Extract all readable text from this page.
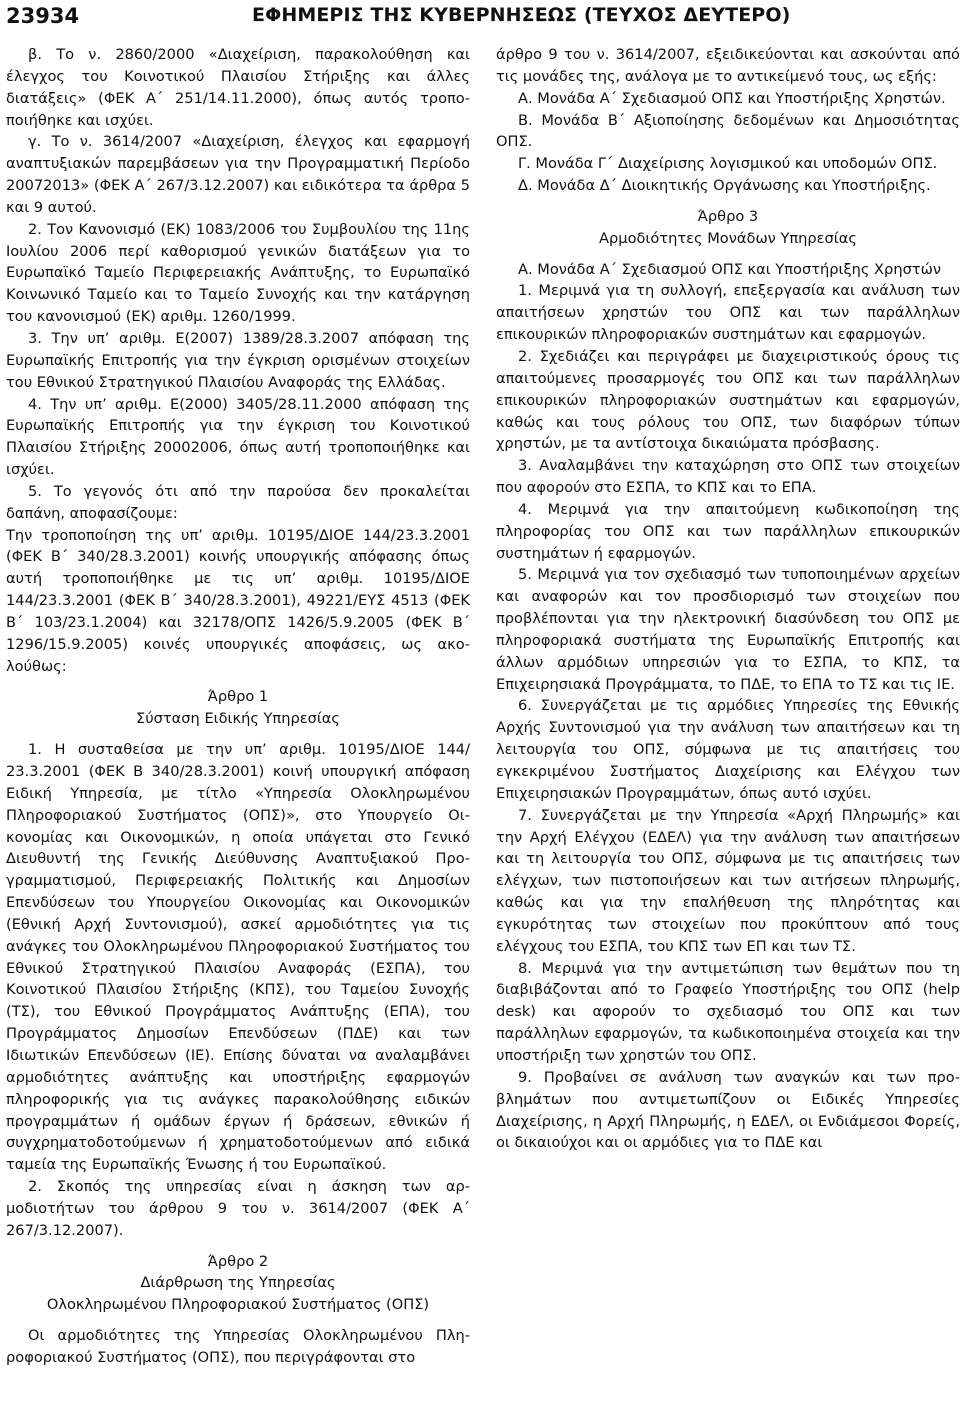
23934	ΕΦΗΜΕΡΙΣ ΤΗΣ ΚΥΒΕΡΝΗΣΕΩΣ (ΤΕΥΧΟΣ ΔΕΥΤΕΡΟ)

β. Το ν. 2860/2000 «Διαχείριση, παρακολούθηση και έλεγχος του Κοινοτικού Πλαισίου Στήριξης και άλλες διατάξεις» (ΦΕΚ Α΄ 251/14.11.2000), όπως αυτός τροποποιήθηκε και ισχύει.

γ. Το ν. 3614/2007 «Διαχείριση, έλεγχος και εφαρμογή αναπτυξιακών παρεμβάσεων για την Προγραμματική Περίοδο 20072013» (ΦΕΚ Α΄ 267/3.12.2007) και ειδικότερα τα άρθρα 5 και 9 αυτού.

2. Τον Κανονισμό (ΕΚ) 1083/2006 του Συμβουλίου της 11ης Ιουλίου 2006 περί καθορισμού γενικών διατάξεων για το Ευρωπαϊκό Ταμείο Περιφερειακής Ανάπτυξης, το Ευρωπαϊκό Κοινωνικό Ταμείο και το Ταμείο Συνοχής και την κατάργηση του κανονισμού (ΕΚ) αριθμ. 1260/1999.

3. Την υπ’ αριθμ. Ε(2007) 1389/28.3.2007 απόφαση της Ευρωπαϊκής Επιτροπής για την έγκριση ορισμένων στοιχείων του Εθνικού Στρατηγικού Πλαισίου Αναφοράς της Ελλάδας.

4. Την υπ’ αριθμ. Ε(2000) 3405/28.11.2000 απόφαση της Ευρωπαϊκής Επιτροπής για την έγκριση του Κοινοτικού Πλαισίου Στήριξης 20002006, όπως αυτή τροποποιήθηκε και ισχύει.

5. Το γεγονός ότι από την παρούσα δεν προκαλείται δαπάνη, αποφασίζουμε:

Την τροποποίηση της υπ’ αριθμ. 10195/ΔΙΟΕ 144/23.3.2001 (ΦΕΚ Β΄ 340/28.3.2001) κοινής υπουργικής απόφασης όπως αυτή τροποποιήθηκε με τις υπ’ αριθμ. 10195/ΔΙΟΕ 144/23.3.2001 (ΦΕΚ Β΄ 340/28.3.2001), 49221/ΕΥΣ 4513 (ΦΕΚ Β΄ 103/23.1.2004) και 32178/ΟΠΣ 1426/5.9.2005 (ΦΕΚ Β΄ 1296/15.9.2005) κοινές υπουργικές αποφάσεις, ως ακολούθως:

Άρθρο 1

Σύσταση Ειδικής Υπηρεσίας

1. Η συσταθείσα με την υπ’ αριθμ. 10195/ΔΙΟΕ 144/ 23.3.2001 (ΦΕΚ Β 340/28.3.2001) κοινή υπουργική απόφαση Ειδική Υπηρεσία, με τίτλο «Υπηρεσία Ολοκληρωμένου Πληροφοριακού Συστήματος (ΟΠΣ)», στο Υπουργείο Οικονομίας και Οικονομικών, η οποία υπάγεται στο Γενικό Διευθυντή της Γενικής Διεύθυνσης Αναπτυξιακού Προγραμματισμού, Περιφερειακής Πολιτικής και Δημοσίων Επενδύσεων του Υπουργείου Οικονομίας και Οικονομικών (Εθνική Αρχή Συντονισμού), ασκεί αρμοδιότητες για τις ανάγκες του Ολοκληρωμένου Πληροφοριακού Συστήματος του Εθνικού Στρατηγικού Πλαισίου Αναφοράς (ΕΣΠΑ), του Κοινοτικού Πλαισίου Στήριξης (ΚΠΣ), του Ταμείου Συνοχής (ΤΣ), του Εθνικού Προγράμματος Ανάπτυξης (ΕΠΑ), του Προγράμματος Δημοσίων Επενδύσεων (ΠΔΕ) και των Ιδιωτικών Επενδύσεων (ΙΕ). Επίσης δύναται να αναλαμβάνει αρμοδιότητες ανάπτυξης και υποστήριξης εφαρμογών πληροφορικής για τις ανάγκες παρακολούθησης ειδικών προγραμμάτων ή ομάδων έργων ή δράσεων, εθνικών ή συγχρηματοδοτούμενων ή χρηματοδοτούμενων από ειδικά ταμεία της Ευρωπαϊκής Ένωσης ή του Ευρωπαϊκού.

2. Σκοπός της υπηρεσίας είναι η άσκηση των αρμοδιοτήτων του άρθρου 9 του ν. 3614/2007 (ΦΕΚ Α΄ 267/3.12.2007).

Άρθρο 2

Διάρθρωση της Υπηρεσίας

Ολοκληρωμένου Πληροφοριακού Συστήματος (ΟΠΣ)

Οι αρμοδιότητες της Υπηρεσίας Ολοκληρωμένου Πληροφοριακού Συστήματος (ΟΠΣ), που περιγράφονται στο

άρθρο 9 του ν. 3614/2007, εξειδικεύονται και ασκούνται από τις μονάδες της, ανάλογα με το αντικείμενό τους, ως εξής:

Α. Μονάδα Α΄ Σχεδιασμού ΟΠΣ και Υποστήριξης Χρηστών.

Β. Μονάδα Β΄ Αξιοποίησης δεδομένων και Δημοσιότητας ΟΠΣ.

Γ. Μονάδα Γ΄ Διαχείρισης λογισμικού και υποδομών ΟΠΣ.

Δ. Μονάδα Δ΄ Διοικητικής Οργάνωσης και Υποστήριξης.

Άρθρο 3

Αρμοδιότητες Μονάδων Υπηρεσίας

Α. Μονάδα Α΄ Σχεδιασμού ΟΠΣ και Υποστήριξης Χρηστών

1. Μεριμνά για τη συλλογή, επεξεργασία και ανάλυση των απαιτήσεων χρηστών του ΟΠΣ και των παράλληλων επικουρικών πληροφοριακών συστημάτων και εφαρμογών.

2. Σχεδιάζει και περιγράφει με διαχειριστικούς όρους τις απαιτούμενες προσαρμογές του ΟΠΣ και των παράλληλων επικουρικών πληροφοριακών συστημάτων και εφαρμογών, καθώς και τους ρόλους του ΟΠΣ, των διαφόρων τύπων χρηστών, με τα αντίστοιχα δικαιώματα πρόσβασης.

3. Αναλαμβάνει την καταχώρηση στο ΟΠΣ των στοιχείων που αφορούν στο ΕΣΠΑ, το ΚΠΣ και το ΕΠΑ.

4. Μεριμνά για την απαιτούμενη κωδικοποίηση της πληροφορίας του ΟΠΣ και των παράλληλων επικουρικών συστημάτων ή εφαρμογών.

5. Μεριμνά για τον σχεδιασμό των τυποποιημένων αρχείων και αναφορών και τον προσδιορισμό των στοιχείων που προβλέπονται για την ηλεκτρονική διασύνδεση του ΟΠΣ με πληροφοριακά συστήματα της Ευρωπαϊκής Επιτροπής και άλλων αρμόδιων υπηρεσιών για το ΕΣΠΑ, το ΚΠΣ, τα Επιχειρησιακά Προγράμματα, το ΠΔΕ, το ΕΠΑ το ΤΣ και τις ΙΕ.

6. Συνεργάζεται με τις αρμόδιες Υπηρεσίες της Εθνικής Αρχής Συντονισμού για την ανάλυση των απαιτήσεων και τη λειτουργία του ΟΠΣ, σύμφωνα με τις απαιτήσεις του εγκεκριμένου Συστήματος Διαχείρισης και Ελέγχου των Επιχειρησιακών Προγραμμάτων, όπως αυτό ισχύει.

7. Συνεργάζεται με την Υπηρεσία «Αρχή Πληρωμής» και την Αρχή Ελέγχου (ΕΔΕΛ) για την ανάλυση των απαιτήσεων και τη λειτουργία του ΟΠΣ, σύμφωνα με τις απαιτήσεις των ελέγχων, των πιστοποιήσεων και των αιτήσεων πληρωμής, καθώς και για την επαλήθευση της πληρότητας και εγκυρότητας των στοιχείων που προκύπτουν από τους ελέγχους του ΕΣΠΑ, του ΚΠΣ των ΕΠ και των ΤΣ.

8. Μεριμνά για την αντιμετώπιση των θεμάτων που τη διαβιβάζονται από το Γραφείο Υποστήριξης του ΟΠΣ (help desk) και αφορούν το σχεδιασμό του ΟΠΣ και των παράλληλων εφαρμογών, τα κωδικοποιημένα στοιχεία και την υποστήριξη των χρηστών του ΟΠΣ.

9. Προβαίνει σε ανάλυση των αναγκών και των προβλημάτων που αντιμετωπίζουν οι Ειδικές Υπηρεσίες Διαχείρισης, η Αρχή Πληρωμής, η ΕΔΕΛ, οι Ενδιάμεσοι Φορείς, οι δικαιούχοι και οι αρμόδιες για το ΠΔΕ και
